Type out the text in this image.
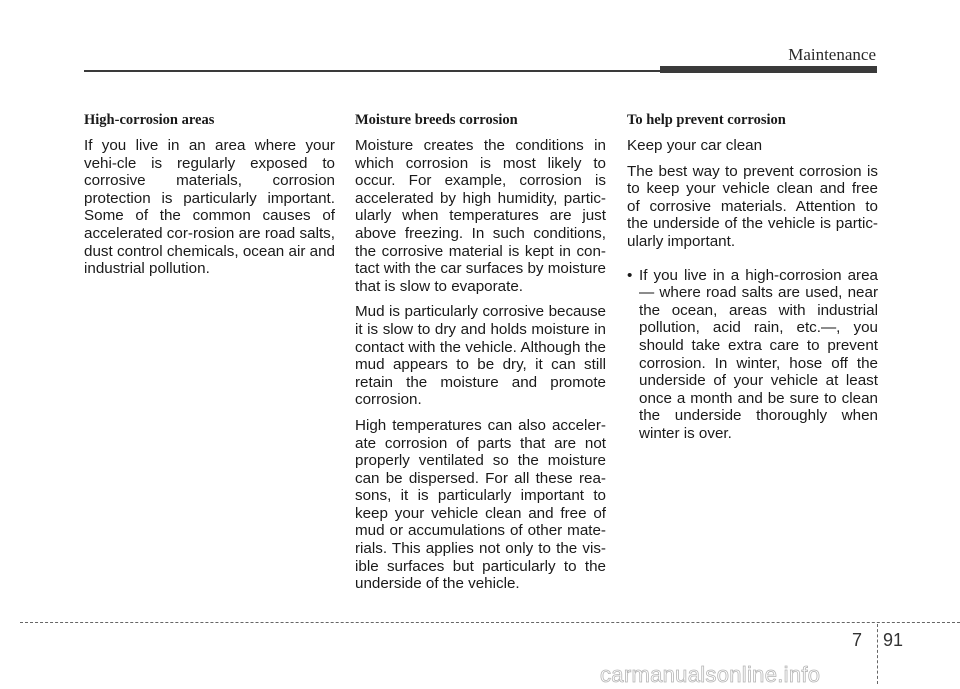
Maintenance
High-corrosion areas

If you live in an area where your vehi-cle is regularly exposed to corrosive materials, corrosion protection is particularly important. Some of the common causes of accelerated cor-rosion are road salts, dust control chemicals, ocean air and industrial pollution.

Moisture breeds corrosion

Moisture creates the conditions in which corrosion is most likely to occur. For example, corrosion is accelerated by high humidity, partic-ularly when temperatures are just above freezing. In such conditions, the corrosive material is kept in con-tact with the car surfaces by moisture that is slow to evaporate.

Mud is particularly corrosive because it is slow to dry and holds moisture in contact with the vehicle. Although the mud appears to be dry, it can still retain the moisture and promote corrosion.

High temperatures can also acceler-ate corrosion of parts that are not properly ventilated so the moisture can be dispersed. For all these rea-sons, it is particularly important to keep your vehicle clean and free of mud or accumulations of other mate-rials. This applies not only to the vis-ible surfaces but particularly to the underside of the vehicle.

To help prevent corrosion

Keep your car clean

The best way to prevent corrosion is to keep your vehicle clean and free of corrosive materials. Attention to the underside of the vehicle is partic-ularly important.

• If you live in a high-corrosion area — where road salts are used, near the ocean, areas with industrial pollution, acid rain, etc.—, you should take extra care to prevent corrosion. In winter, hose off the underside of your vehicle at least once a month and be sure to clean the underside thoroughly when winter is over.
7 91
carmanualsonline.info
